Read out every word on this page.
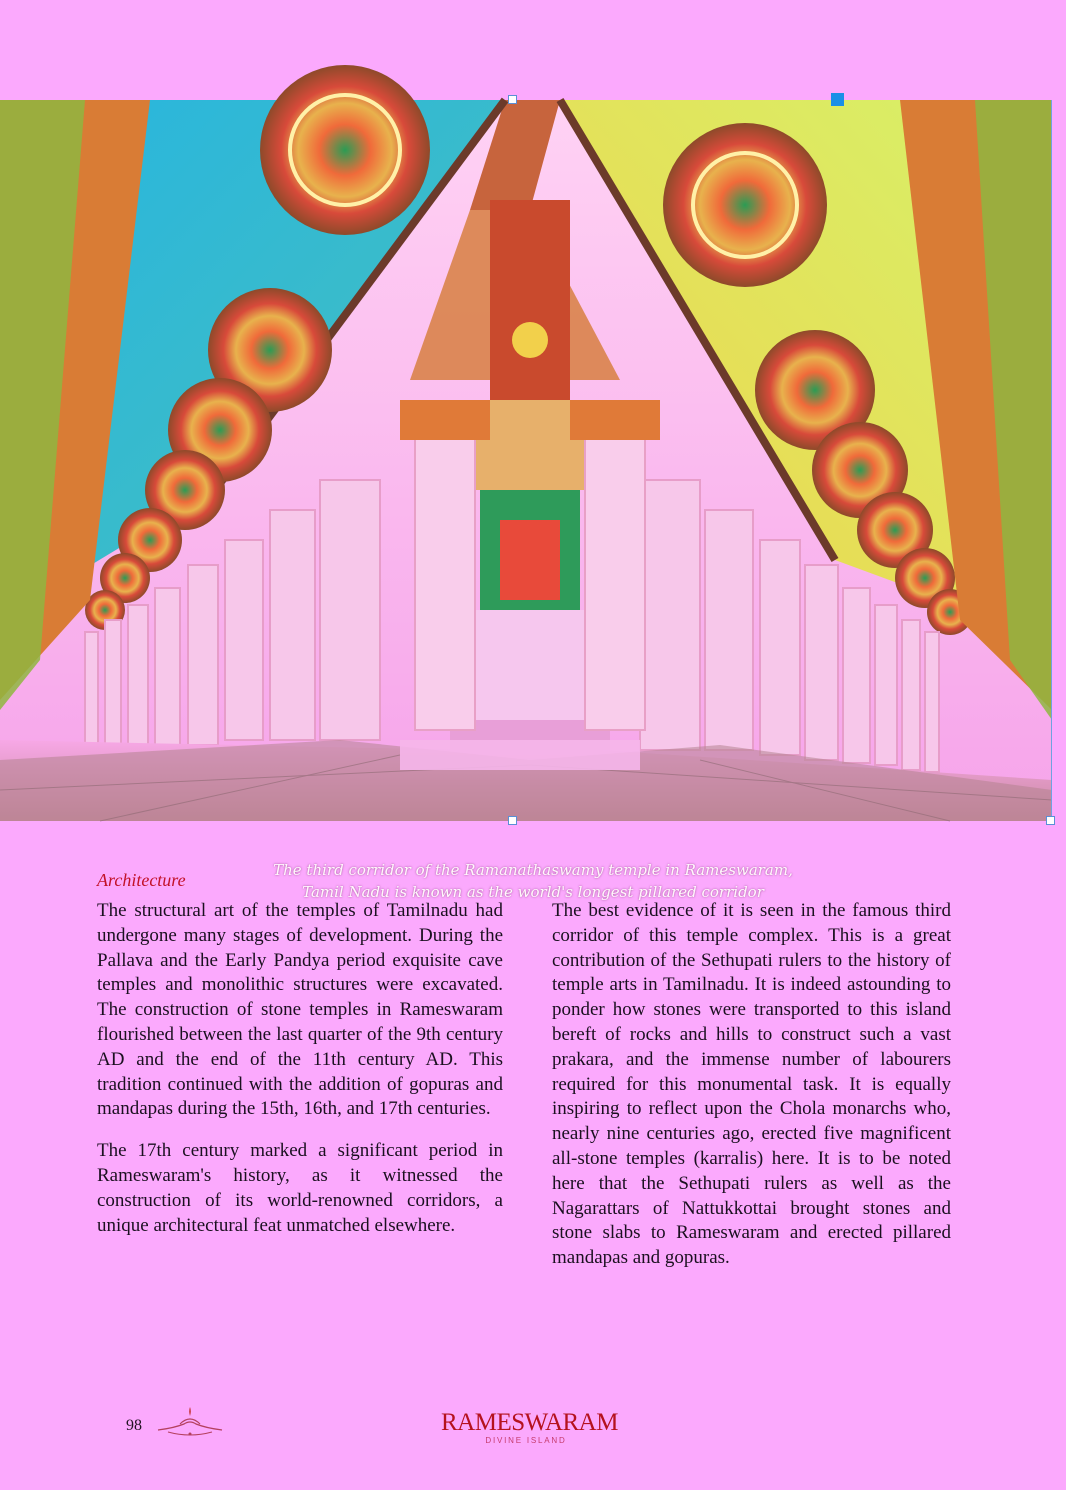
The third corridor of the Ramanathaswamy temple in Rameswaram,
Tamil Nadu is known as the world's longest pillared corridor
Architecture

The structural art of the temples of Tamilnadu had undergone many stages of development. During the Pallava and the Early Pandya period exquisite cave temples and monolithic structures were excavated. The construction of stone temples in Rameswaram flourished between the last quarter of the 9th century AD and the end of the 11th century AD. This tradition continued with the addition of gopuras and mandapas during the 15th, 16th, and 17th centuries.

The 17th century marked a significant period in Rameswaram's history, as it witnessed the construction of its world-renowned corridors, a unique architectural feat unmatched elsewhere.

The best evidence of it is seen in the famous third corridor of this temple complex. This is a great contribution of the Sethupati rulers to the history of temple arts in Tamilnadu. It is indeed astounding to ponder how stones were transported to this island bereft of rocks and hills to construct such a vast prakara, and the immense number of labourers required for this monumental task. It is equally inspiring to reflect upon the Chola monarchs who, nearly nine centuries ago, erected five magnificent all-stone temples (karralis) here. It is to be noted here that the Sethupati rulers as well as the Nagarattars of Nattukkottai brought stones and stone slabs to Rameswaram and erected pillared mandapas and gopuras.

98	RAMESWARAM
DIVINE ISLAND
